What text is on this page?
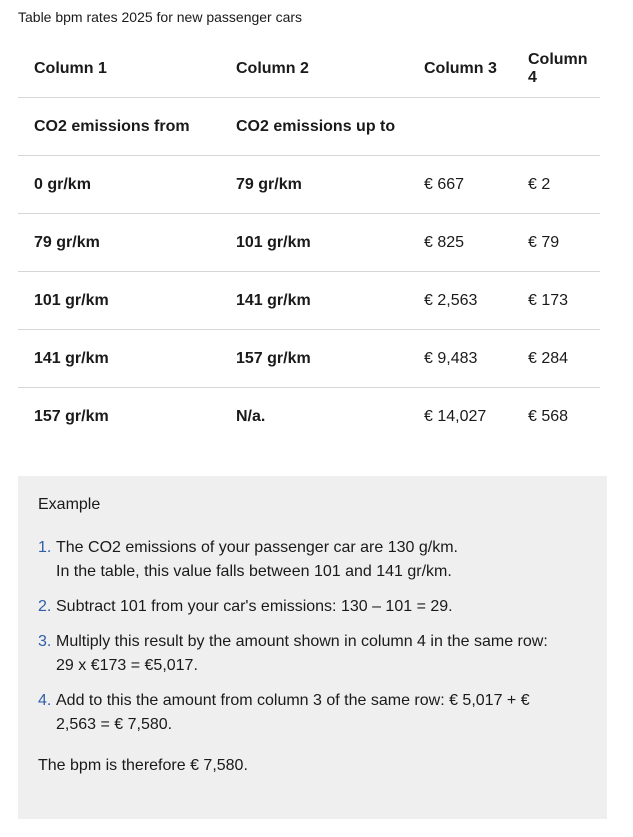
Table bpm rates 2025 for new passenger cars
Column 1	Column 2	Column 3	Column 4
CO2 emissions from	CO2 emissions up to		
0 gr/km	79 gr/km	€ 667	€ 2
79 gr/km	101 gr/km	€ 825	€ 79
101 gr/km	141 gr/km	€ 2,563	€ 173
141 gr/km	157 gr/km	€ 9,483	€ 284
157 gr/km	N/a.	€ 14,027	€ 568
Example
1. The CO2 emissions of your passenger car are 130 g/km.
In the table, this value falls between 101 and 141 gr/km.
2. Subtract 101 from your car's emissions: 130 – 101 = 29.
3. Multiply this result by the amount shown in column 4 in the same row:
29 x €173 = €5,017.
4. Add to this the amount from column 3 of the same row: € 5,017 + €
2,563 = € 7,580.
The bpm is therefore € 7,580.
